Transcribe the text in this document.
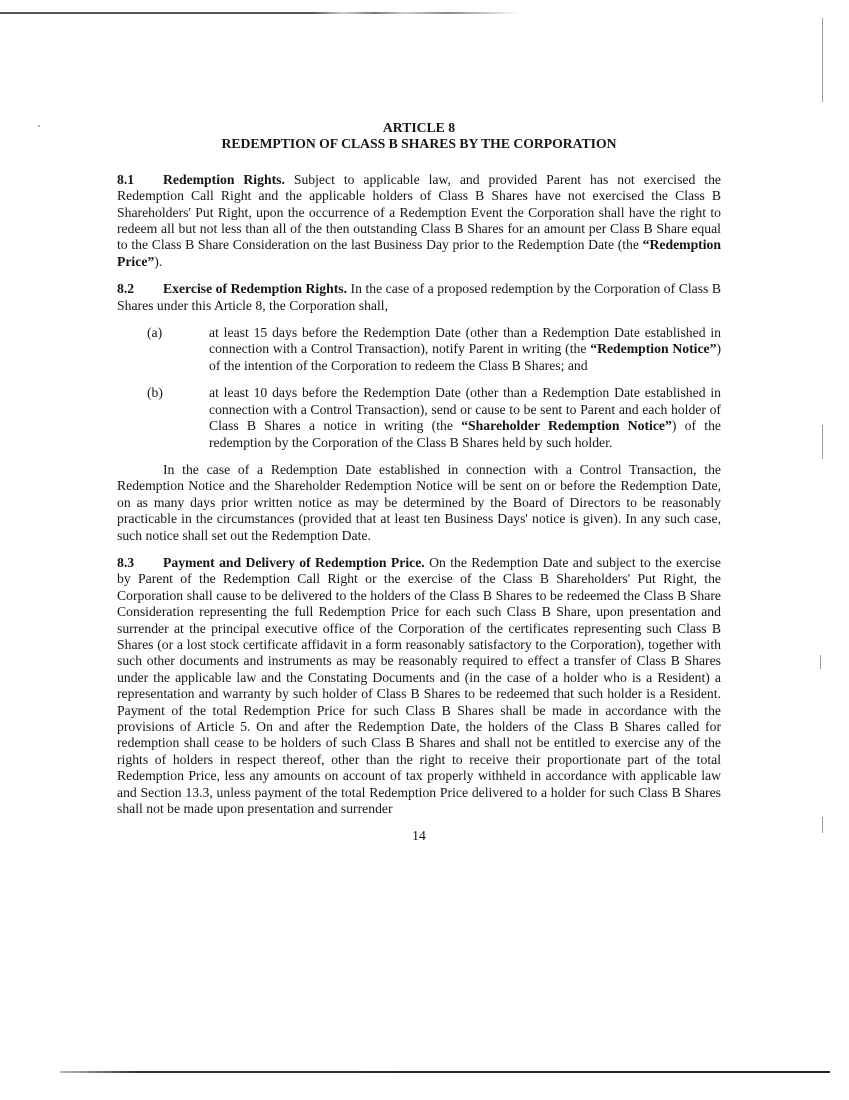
ARTICLE 8

REDEMPTION OF CLASS B SHARES BY THE CORPORATION

8.1 Redemption Rights. Subject to applicable law, and provided Parent has not exercised the Redemption Call Right and the applicable holders of Class B Shares have not exercised the Class B Shareholders' Put Right, upon the occurrence of a Redemption Event the Corporation shall have the right to redeem all but not less than all of the then outstanding Class B Shares for an amount per Class B Share equal to the Class B Share Consideration on the last Business Day prior to the Redemption Date (the “Redemption Price”).

8.2 Exercise of Redemption Rights. In the case of a proposed redemption by the Corporation of Class B Shares under this Article 8, the Corporation shall,

(a)	at least 15 days before the Redemption Date (other than a Redemption Date established in connection with a Control Transaction), notify Parent in writing (the “Redemption Notice”) of the intention of the Corporation to redeem the Class B Shares; and
(b)	at least 10 days before the Redemption Date (other than a Redemption Date established in connection with a Control Transaction), send or cause to be sent to Parent and each holder of Class B Shares a notice in writing (the “Shareholder Redemption Notice”) of the redemption by the Corporation of the Class B Shares held by such holder.

In the case of a Redemption Date established in connection with a Control Transaction, the Redemption Notice and the Shareholder Redemption Notice will be sent on or before the Redemption Date, on as many days prior written notice as may be determined by the Board of Directors to be reasonably practicable in the circumstances (provided that at least ten Business Days' notice is given). In any such case, such notice shall set out the Redemption Date.

8.3 Payment and Delivery of Redemption Price. On the Redemption Date and subject to the exercise by Parent of the Redemption Call Right or the exercise of the Class B Shareholders' Put Right, the Corporation shall cause to be delivered to the holders of the Class B Shares to be redeemed the Class B Share Consideration representing the full Redemption Price for each such Class B Share, upon presentation and surrender at the principal executive office of the Corporation of the certificates representing such Class B Shares (or a lost stock certificate affidavit in a form reasonably satisfactory to the Corporation), together with such other documents and instruments as may be reasonably required to effect a transfer of Class B Shares under the applicable law and the Constating Documents and (in the case of a holder who is a Resident) a representation and warranty by such holder of Class B Shares to be redeemed that such holder is a Resident. Payment of the total Redemption Price for such Class B Shares shall be made in accordance with the provisions of Article 5. On and after the Redemption Date, the holders of the Class B Shares called for redemption shall cease to be holders of such Class B Shares and shall not be entitled to exercise any of the rights of holders in respect thereof, other than the right to receive their proportionate part of the total Redemption Price, less any amounts on account of tax properly withheld in accordance with applicable law and Section 13.3, unless payment of the total Redemption Price delivered to a holder for such Class B Shares shall not be made upon presentation and surrender

14
